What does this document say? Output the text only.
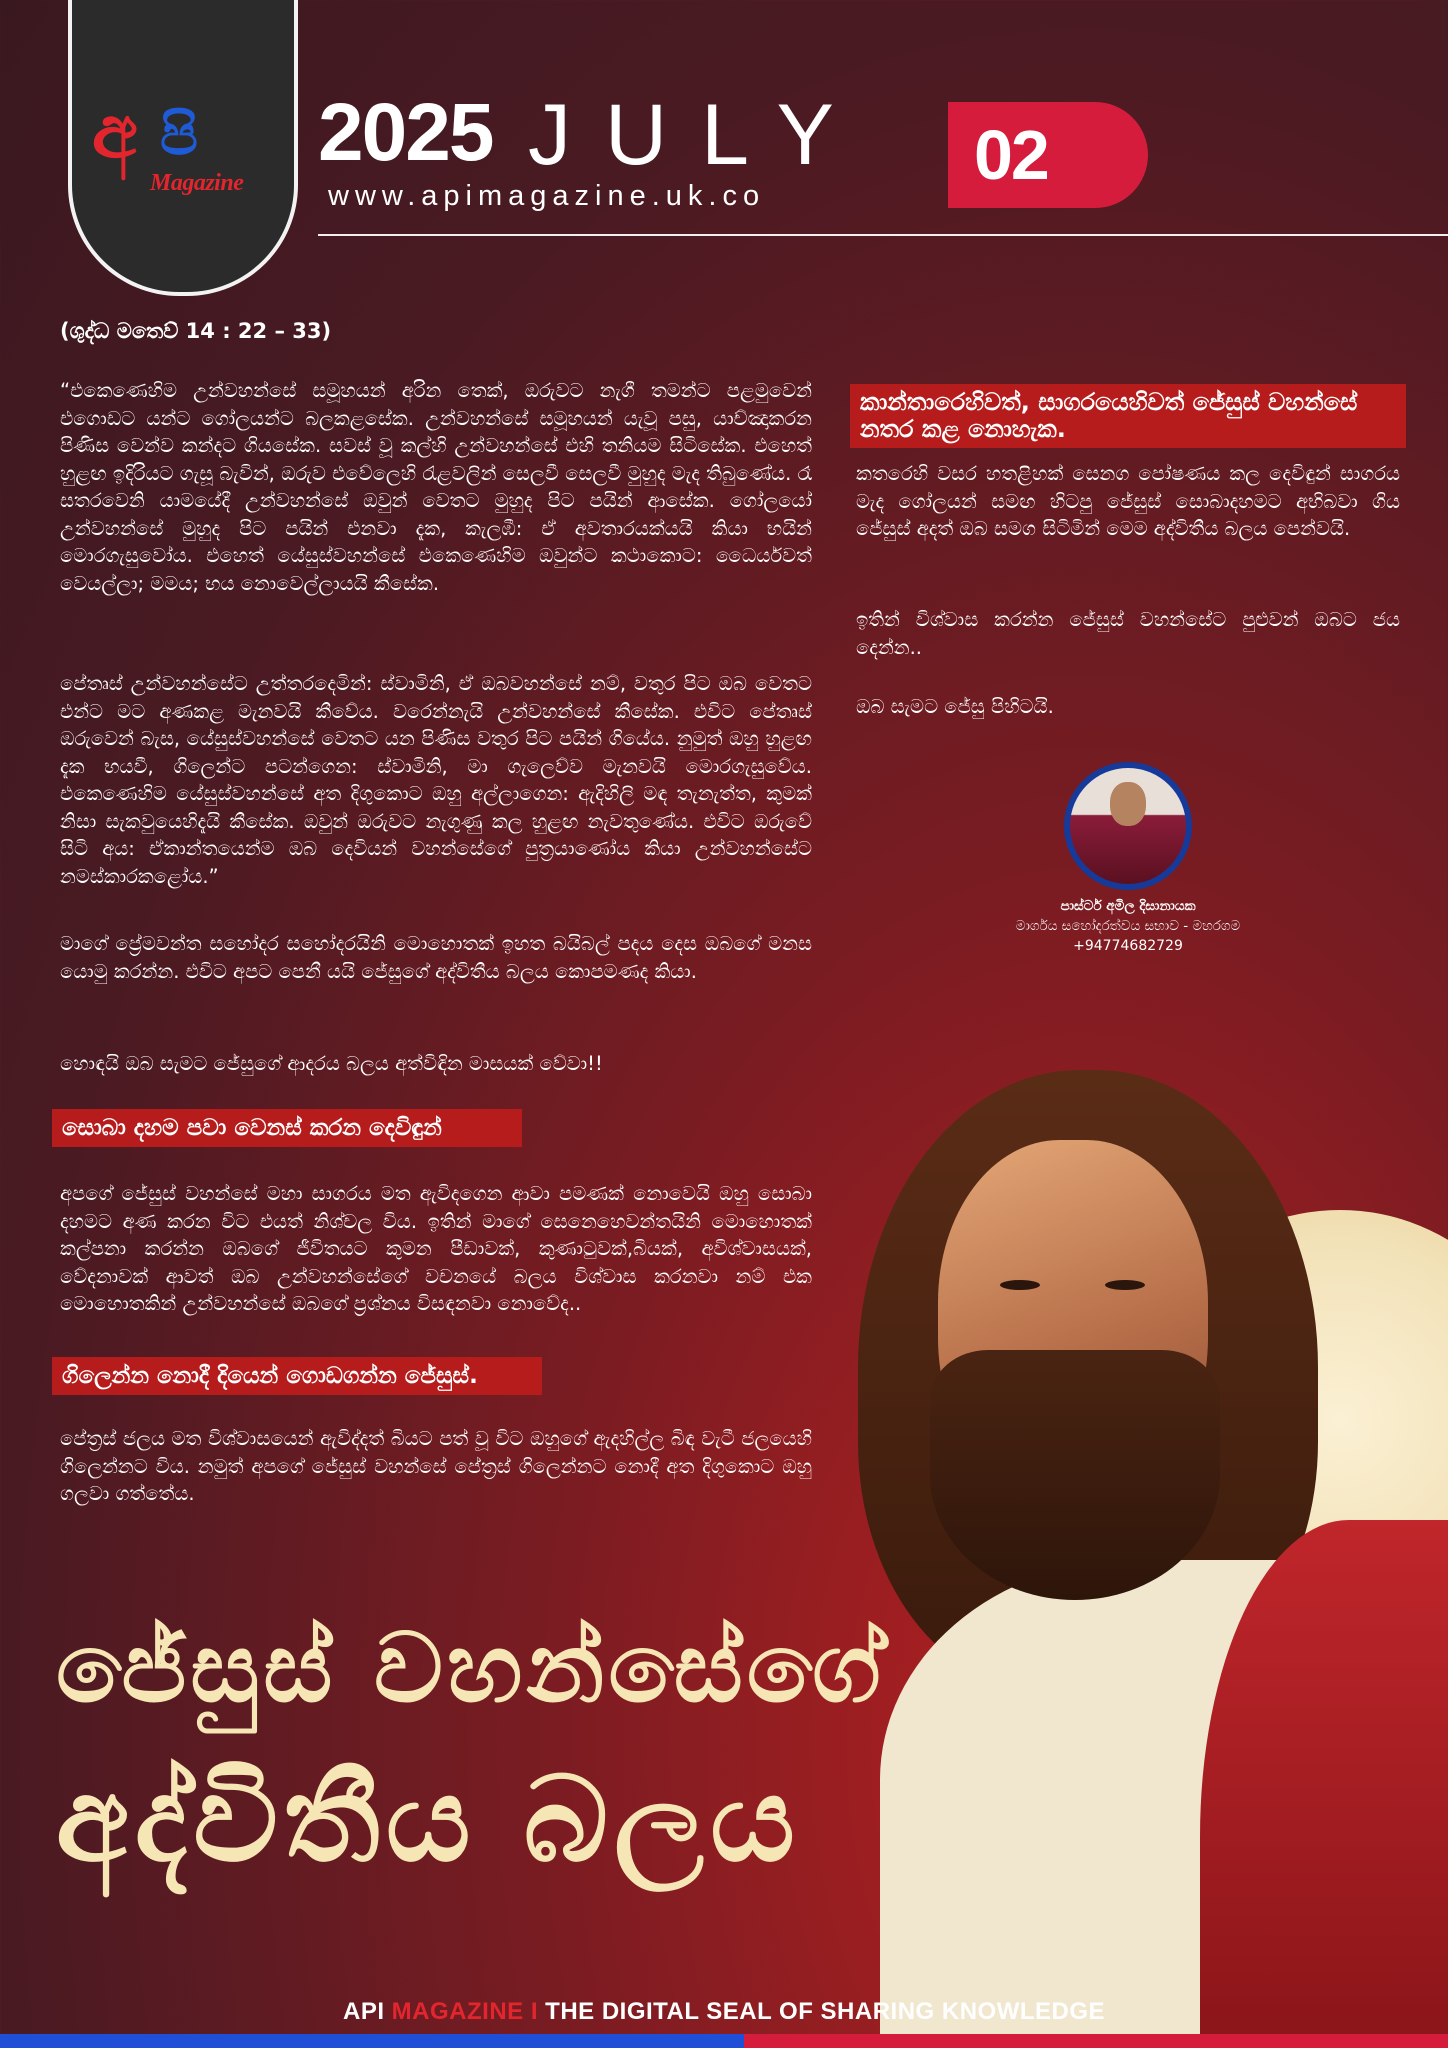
අ පි
Magazine
2025 JULY
www.apimagazine.uk.co
02
(ශුද්ධ මතෙව් 14 : 22 – 33)
“එකෙණෙහිම උන්වහන්සේ සමූහයන් අරින තෙක්, ඔරුවට නැගී තමන්ට පළමුවෙන් එගොඩට යන්ට ගෝලයන්ට බලකළසේක. උන්වහන්සේ සමූහයන් යැවූ පසු, යාච්ඤාකරන පිණිස වෙන්ව කන්දට ගියසේක. සවස් වූ කල්හි උන්වහන්සේ එහි තනියම සිටිසේක. එහෙත් හුළඟ ඉදිරියට ගැසූ බැවින්, ඔරුව එවේලෙහි රැළවලින් සෙලවී සෙලවී මුහුද මැද තිබුණේය. රෑ සතරවෙනි යාමයේදී උන්වහන්සේ ඔවුන් වෙතට මුහුද පිට පයින් ආසේක. ගෝලයෝ උන්වහන්සේ මුහුද පිට පයින් එනවා දැක, කැලඹී: ඒ අවතාරයක්යයි කියා භයින් මොරගැසුවෝය. එහෙත් යේසුස්වහන්සේ එකෙණෙහිම ඔවුන්ට කථාකොට: ධෛර්යවත් වෙයල්ලා; මමය; භය නොවෙල්ලායයි කීසේක.
පේතෘස් උන්වහන්සේට උත්තරදෙමින්: ස්වාමිනි, ඒ ඔබවහන්සේ නම්, වතුර පිට ඔබ වෙතට එන්ට මට අණකළ මැනවයි කීවේය. වරෙන්නැයි උන්වහන්සේ කීසේක. එවිට පේතෘස් ඔරුවෙන් බැස, යේසුස්වහන්සේ වෙතට යන පිණිස වතුර පිට පයින් ගියේය. නුමුත් ඔහු හුළඟ දැක භයවී, ගිලෙන්ට පටන්ගෙන: ස්වාමිනි, මා ගැලෙව්ව මැනවයි මොරගැසුවේය. එකෙණෙහිම යේසුස්වහන්සේ අත දිගුකොට ඔහු අල්ලාගෙන: ඇදිහිලි මඳ තැනැත්ත, කුමක් නිසා සැකවුයෙහිදැයි කීසේක. ඔවුන් ඔරුවට නැගුණු කල හුළඟ නැවතුණේය. එවිට ඔරුවේ සිටි අය: ඒකාන්තයෙන්ම ඔබ දෙවියන් වහන්සේගේ පුත්‍රයාණෝය කියා උන්වහන්සේට නමස්කාරකළෝය.”
මාගේ ප්‍රේමවන්ත සහෝදර සහෝදරයිනි මොහොතක් ඉහත බයිබල් පදය දෙස ඔබගේ මනස යොමු කරන්න. එවිට අපට පෙනී යයි ජේසුගේ අද්විතීය බලය කොපමණද කියා.
හොඳයි ඔබ සැමට ජේසුගේ ආදරය බලය අත්විඳින මාසයක් වේවා!!
සොබා දහම පවා වෙනස් කරන දෙවිඳුන්
අපගේ ජේසුස් වහන්සේ මහා සාගරය මත ඇවිදගෙන ආවා පමණක් නොවෙයි ඔහු සොබා දහමට අණ කරන විට එයත් නිශ්චල විය. ඉතින් මාගේ සෙනෙහෙවන්තයිනි මොහොතක් කල්පනා කරන්න ඔබගේ ජීවිතයට කුමන පීඩාවක්, කුණාටුවක්,බියක්, අවිශ්වාසයක්, වේදනාවක් ආවත් ඔබ උන්වහන්සේගේ වචනයේ බලය විශ්වාස කරනවා නම් එක මොහොතකින් උන්වහන්සේ ඔබගේ ප්‍රශ්නය විසඳනවා නොවේද..
ගිලෙන්න නොදී දියෙන් ගොඩගන්න ජේසුස්.
පේත්‍රස් ජලය මත විශ්වාසයෙන් ඇවිද්දත් බියට පත් වූ විට ඔහුගේ ඇදහිල්ල බිඳ වැටී ජලයෙහි ගිලෙන්නට විය. නමුත් අපගේ ජේසුස් වහන්සේ පේත්‍රස් ගිලෙන්නට නොදී අත දිගුකොට ඔහු ගලවා ගත්තේය.
කාන්තාරෙහිවත්, සාගරයෙහිවත් ජේසුස් වහන්සේ නතර කළ නොහැක.
කතරෙහි වසර හතළිහක් සෙනග පෝෂණය කල දෙවිඳුන් සාගරය මැද ගෝලයන් සමඟ හිටපු ජේසුස් සොබාදහමට අභිබවා ගිය ජේසුස් අදත් ඔබ සමග සිටිමින් මෙම අද්විතීය බලය පෙන්වයි.
ඉතින් විශ්වාස කරන්න ජේසුස් වහන්සේට පුළුවන් ඔබට ජය දෙන්න..
ඔබ සැමට ජේසු පිහිටයි.
පාස්ටර් අමිල දිසානායක
මාර්ගය සහෝදරත්වය සභාව - මහරගම
+94774682729
ජේසුස් වහන්සේගේ
අද්විතීය බලය
API MAGAZINE I THE DIGITAL SEAL OF SHARING KNOWLEDGE
